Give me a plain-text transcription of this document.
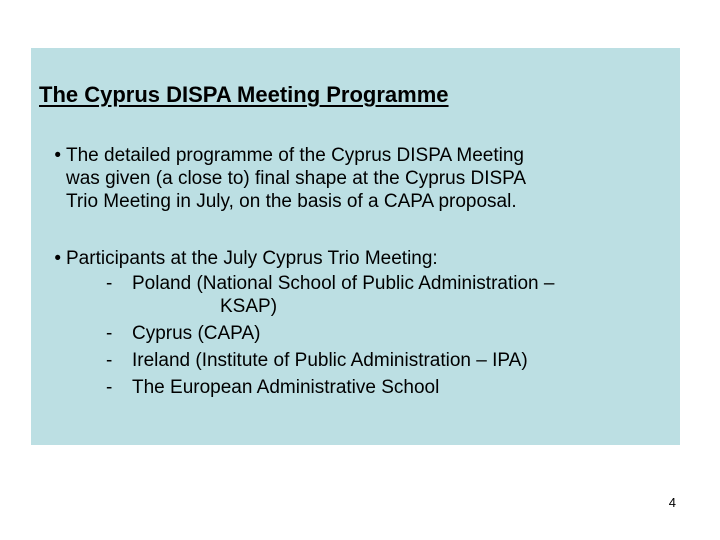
The Cyprus DISPA Meeting Programme
• The detailed programme of the Cyprus DISPA Meeting
was given (a close to) final shape at the Cyprus DISPA
Trio Meeting in July, on the basis of a CAPA proposal.
• Participants at the July Cyprus Trio Meeting:
- Poland (National School of Public Administration –
KSAP)
- Cyprus (CAPA)
- Ireland (Institute of Public Administration – IPA)
- The European Administrative School
4
